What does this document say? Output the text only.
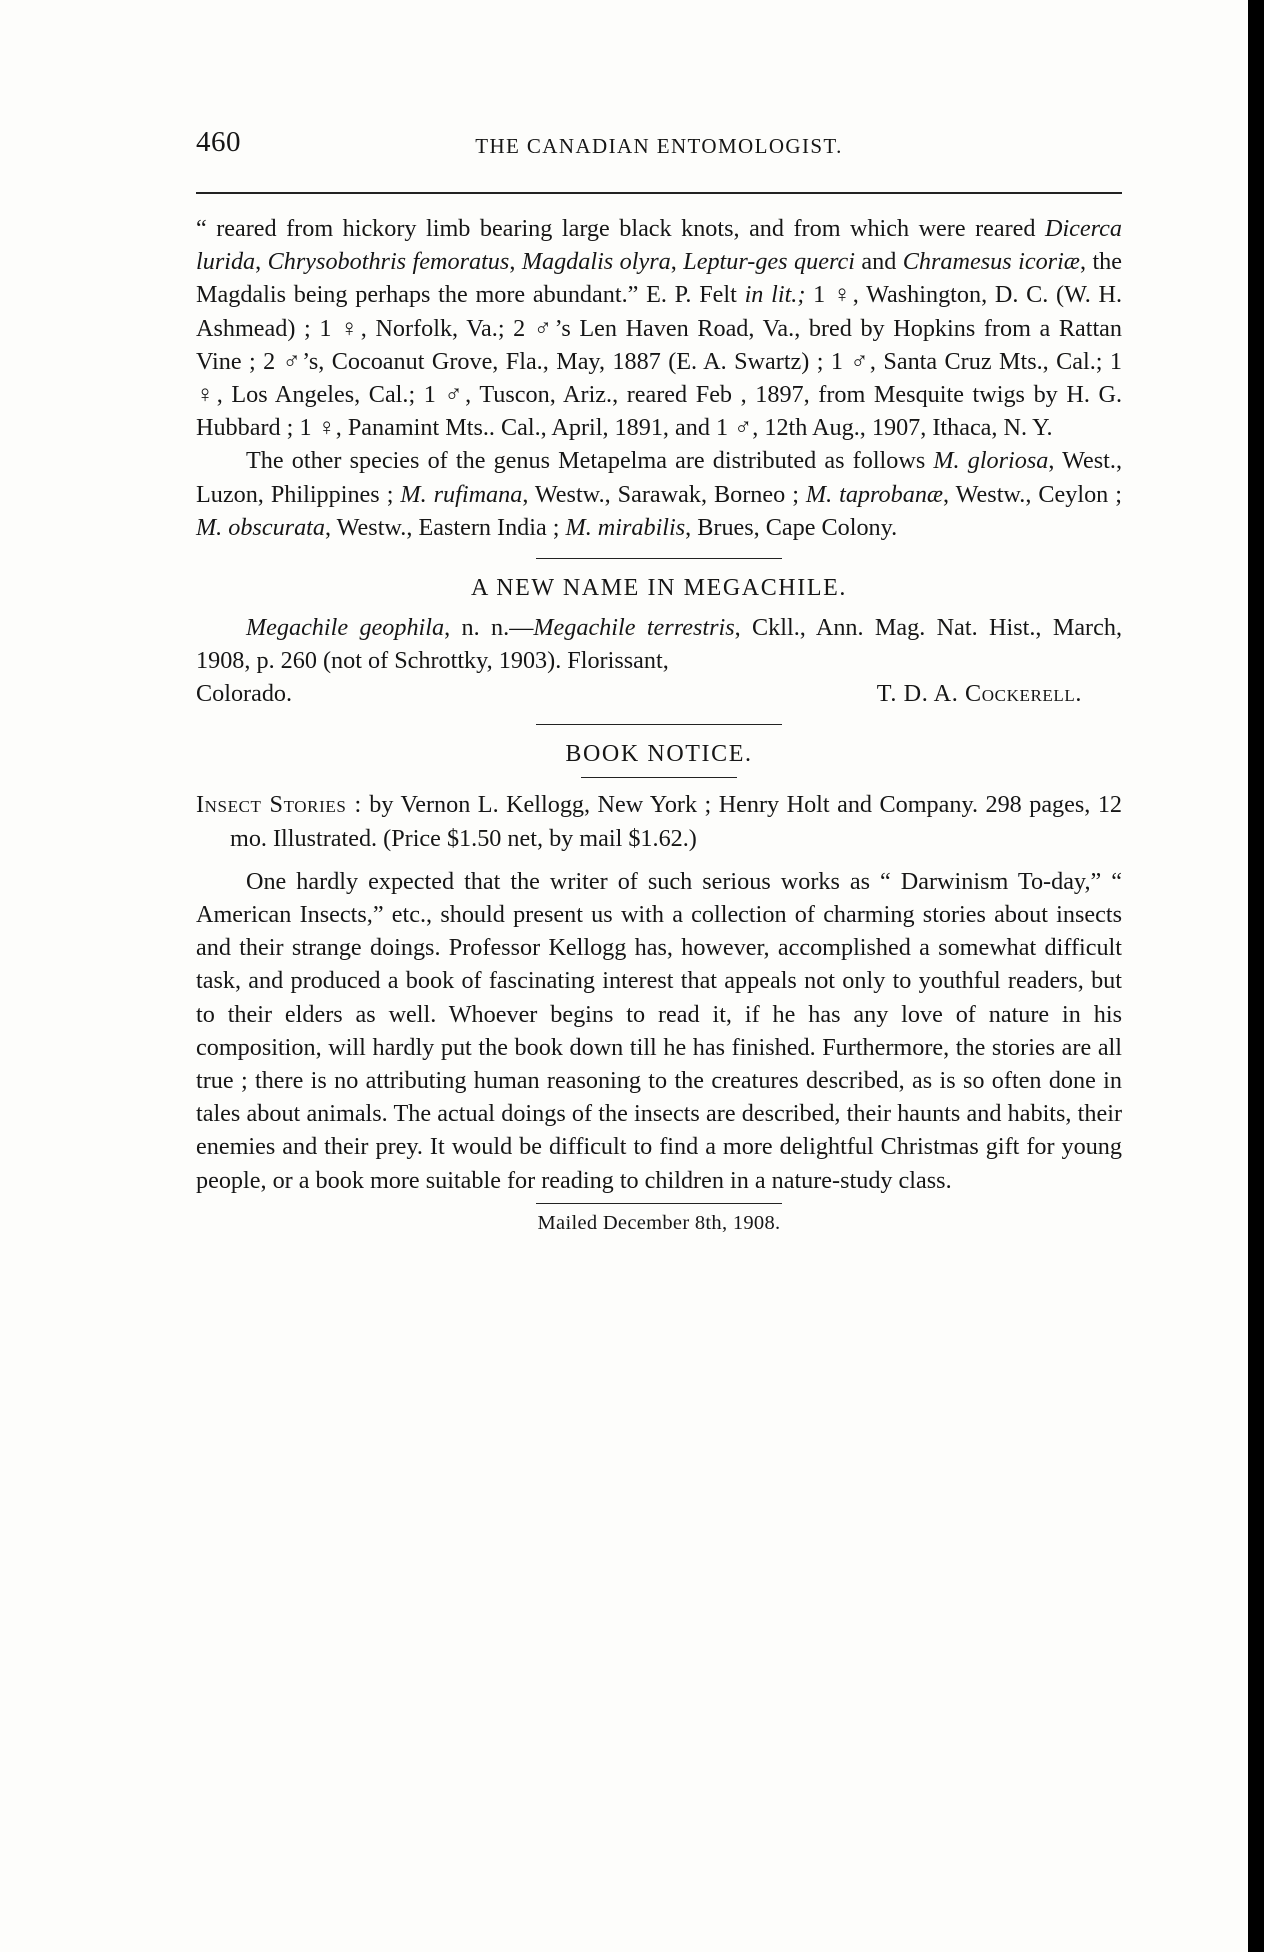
460	THE CANADIAN ENTOMOLOGIST.

“ reared from hickory limb bearing large black knots, and from which were reared Dicerca lurida, Chrysobothris femoratus, Magdalis olyra, Leptur-ges querci and Chramesus icoriæ, the Magdalis being perhaps the more abundant.” E. P. Felt in lit.; 1 ♀, Washington, D. C. (W. H. Ashmead) ; 1 ♀, Norfolk, Va.; 2 ♂’s Len Haven Road, Va., bred by Hopkins from a Rattan Vine ; 2 ♂’s, Cocoanut Grove, Fla., May, 1887 (E. A. Swartz) ; 1 ♂, Santa Cruz Mts., Cal.; 1 ♀, Los Angeles, Cal.; 1 ♂, Tuscon, Ariz., reared Feb , 1897, from Mesquite twigs by H. G. Hubbard ; 1 ♀, Panamint Mts.. Cal., April, 1891, and 1 ♂, 12th Aug., 1907, Ithaca, N. Y.

The other species of the genus Metapelma are distributed as follows M. gloriosa, West., Luzon, Philippines ; M. rufimana, Westw., Sarawak, Borneo ; M. taprobanæ, Westw., Ceylon ; M. obscurata, Westw., Eastern India ; M. mirabilis, Brues, Cape Colony.

A NEW NAME IN MEGACHILE.

Megachile geophila, n. n.—Megachile terrestris, Ckll., Ann. Mag. Nat. Hist., March, 1908, p. 260 (not of Schrottky, 1903). Florissant,

Colorado.	T. D. A. Cockerell.
BOOK NOTICE.

Insect Stories : by Vernon L. Kellogg, New York ; Henry Holt and Company. 298 pages, 12 mo. Illustrated. (Price $1.50 net, by mail $1.62.)

One hardly expected that the writer of such serious works as “ Darwinism To-day,” “ American Insects,” etc., should present us with a collection of charming stories about insects and their strange doings. Professor Kellogg has, however, accomplished a somewhat difficult task, and produced a book of fascinating interest that appeals not only to youthful readers, but to their elders as well. Whoever begins to read it, if he has any love of nature in his composition, will hardly put the book down till he has finished. Furthermore, the stories are all true ; there is no attributing human reasoning to the creatures described, as is so often done in tales about animals. The actual doings of the insects are described, their haunts and habits, their enemies and their prey. It would be difficult to find a more delightful Christmas gift for young people, or a book more suitable for reading to children in a nature-study class.

Mailed December 8th, 1908.
